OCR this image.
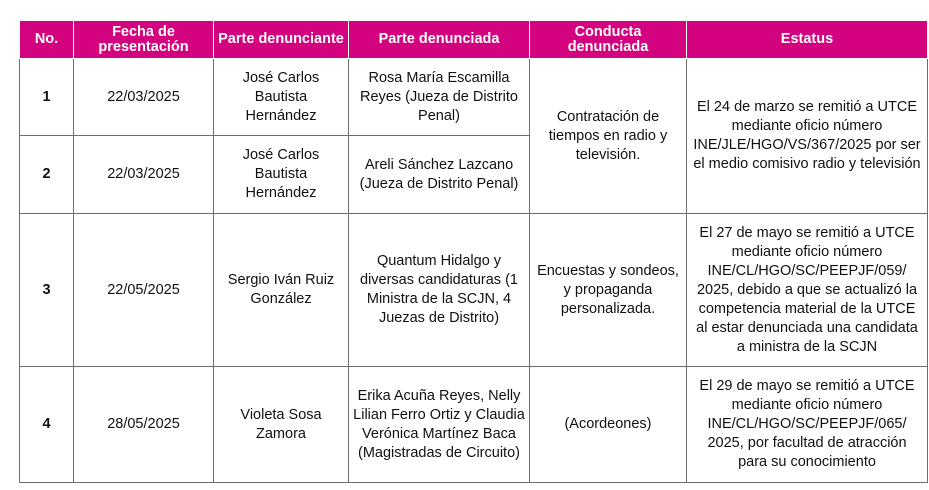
No.	Fecha de presentación	Parte denunciante	Parte denunciada	Conducta denunciada	Estatus
1	22/03/2025	José Carlos Bautista Hernández	Rosa María Escamilla Reyes (Jueza de Distrito Penal)	Contratación de tiempos en radio y televisión.	El 24 de marzo se remitió a UTCE mediante oficio número INE/JLE/HGO/VS/367/2025 por ser el medio comisivo radio y televisión
2	22/03/2025	José Carlos Bautista Hernández	Areli Sánchez Lazcano (Jueza de Distrito Penal)		
3	22/05/2025	Sergio Iván Ruiz González	Quantum Hidalgo y diversas candidaturas (1 Ministra de la SCJN, 4 Juezas de Distrito)	Encuestas y sondeos, y propaganda personalizada.	El 27 de mayo se remitió a UTCE mediante oficio número INE/CL/HGO/SC/PEEPJF/059/ 2025, debido a que se actualizó la competencia material de la UTCE al estar denunciada una candidata a ministra de la SCJN
4	28/05/2025	Violeta Sosa Zamora	Erika Acuña Reyes, Nelly Lilian Ferro Ortiz y Claudia Verónica Martínez Baca (Magistradas de Circuito)	(Acordeones)	El 29 de mayo se remitió a UTCE mediante oficio número INE/CL/HGO/SC/PEEPJF/065/ 2025, por facultad de atracción para su conocimiento
